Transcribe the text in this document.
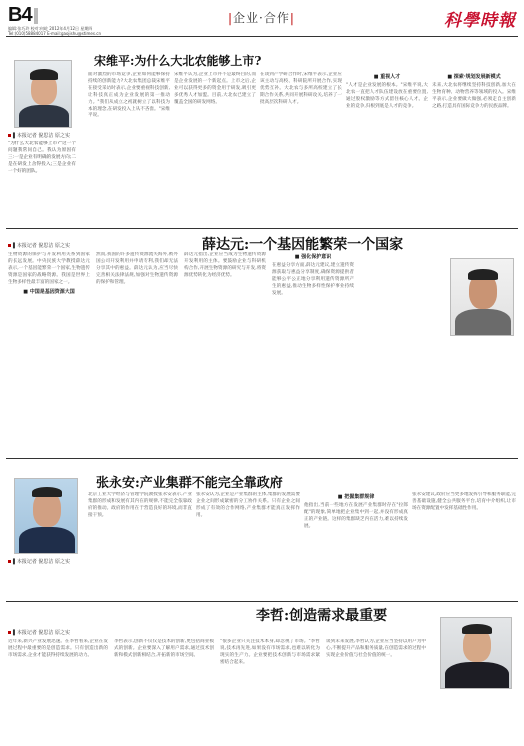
B4
编辑:张巧玲 校对:何屹 2012年4月12日 星期四
Tel:(010)58884017 E-mail:gaojishu@stimes.cn
|企业·合作|	科學時報
▌本报记者 倪思洁 原之实
"为什么大北农能够上市?"这一个问题我常问自己。我认为原因有三:一是企业有明确的发展方向;二是在研发上舍得投入;三是企业有一个好的团队。
宋维平:为什么大北农能够上市?
面对激烈的市场竞争,企业如何能够保持持续的创新能力?大北农集团总裁宋维平在接受采访时表示,企业要重视科技创新,让科技真正成为企业发展的第一推动力。"我们从成立之初就树立了以科技为本的理念,在研发投入上从不吝啬。"宋维平说。
宋维平认为,企业上市并不是最终目的,而是企业发展的一个新起点。上市之后,企业可以获得更多的资金用于研发,吸引更多优秀人才加盟。目前,大北农已建立了覆盖全国的研发网络。
在谈到产学研合作时,宋维平表示,企业应该主动与高校、科研院所开展合作,实现优势互补。大北农与多所高校建立了长期合作关系,共同开展科研攻关,培养了一批高层次科研人才。
■ 重视人才
"人才是企业发展的根本。"宋维平说,大北农一直把人才队伍建设放在重要位置,通过股权激励等方式留住核心人才。企业的竞争,归根到底是人才的竞争。
■ 探索·规划发展新模式
未来,大北农将继续坚持科技创新,加大在生物育种、动物营养等领域的投入。宋维平表示,企业要做大做强,必须走自主创新之路,打造具有国际竞争力的民族品牌。
薛达元:一个基因能繁荣一个国家
▌本报记者 倪思洁 原之实
生物资源的保护与开发利用关系到国家的长远发展。中央民族大学教授薛达元表示,一个基因能繁荣一个国家,生物遗传资源是国家的战略资源。我国是世界上生物多样性最丰富的国家之一。
■ 中国是基因资源大国
然而,我国的许多遗传资源流失海外,被外国公司开发利用并申请专利,我们却无法分享其中的惠益。薛达元认为,应当尽快完善相关法律法规,加强对生物遗传资源的保护和管理。
薛达元指出,企业应当成为生物遗传资源开发利用的主体。要鼓励企业与科研机构合作,开展生物资源的研究与开发,将资源优势转化为经济优势。
■ 强化保护意识
在惠益分享方面,薛达元建议,建立遗传资源获取与惠益分享制度,确保资源提供者能够公平公正地分享利用遗传资源所产生的惠益,推动生物多样性保护事业持续发展。
张永安:产业集群不能完全靠政府
▌本报记者 倪思洁 原之实
北京工业大学经济与管理学院教授张永安表示,产业集群的形成和发展有其内在的规律,不能完全依靠政府的推动。政府的作用在于营造良好的环境,而非直接干预。
张永安认为,企业是产业集群的主体,集群的发展需要企业之间形成紧密的分工协作关系。只有企业之间形成了有效的合作网络,产业集群才能真正发挥作用。
■ 把握集群规律
他指出,当前一些地方在发展产业集群时存在"拉郎配"的现象,简单地把企业集中到一起,并没有形成真正的产业链。这样的集群缺乏内在活力,难以持续发展。
张永安建议,政府应当更多地发挥引导和服务职能,完善基础设施,健全公共服务平台,培育中介组织,让市场在资源配置中发挥基础性作用。
李哲:创造需求最重要
▌本报记者 倪思洁 原之实
近年来,新兴产业发展迅速。在李哲看来,企业在发展过程中最重要的是创造需求。只有创造出新的市场需求,企业才能获得持续发展的动力。
李哲表示,创新不仅仅是技术的创新,更包括商业模式的创新。企业要深入了解用户需求,通过技术创新和模式创新相结合,开拓新的市场空间。
"很多企业只关注技术本身,却忽视了市场。"李哲说,技术再先进,如果没有市场需求,也难以转化为现实的生产力。企业要把技术创新与市场需求紧密结合起来。
谈到未来发展,李哲认为,企业应当坚持以用户为中心,不断提升产品和服务质量,在创造需求的过程中实现企业价值与社会价值的统一。
